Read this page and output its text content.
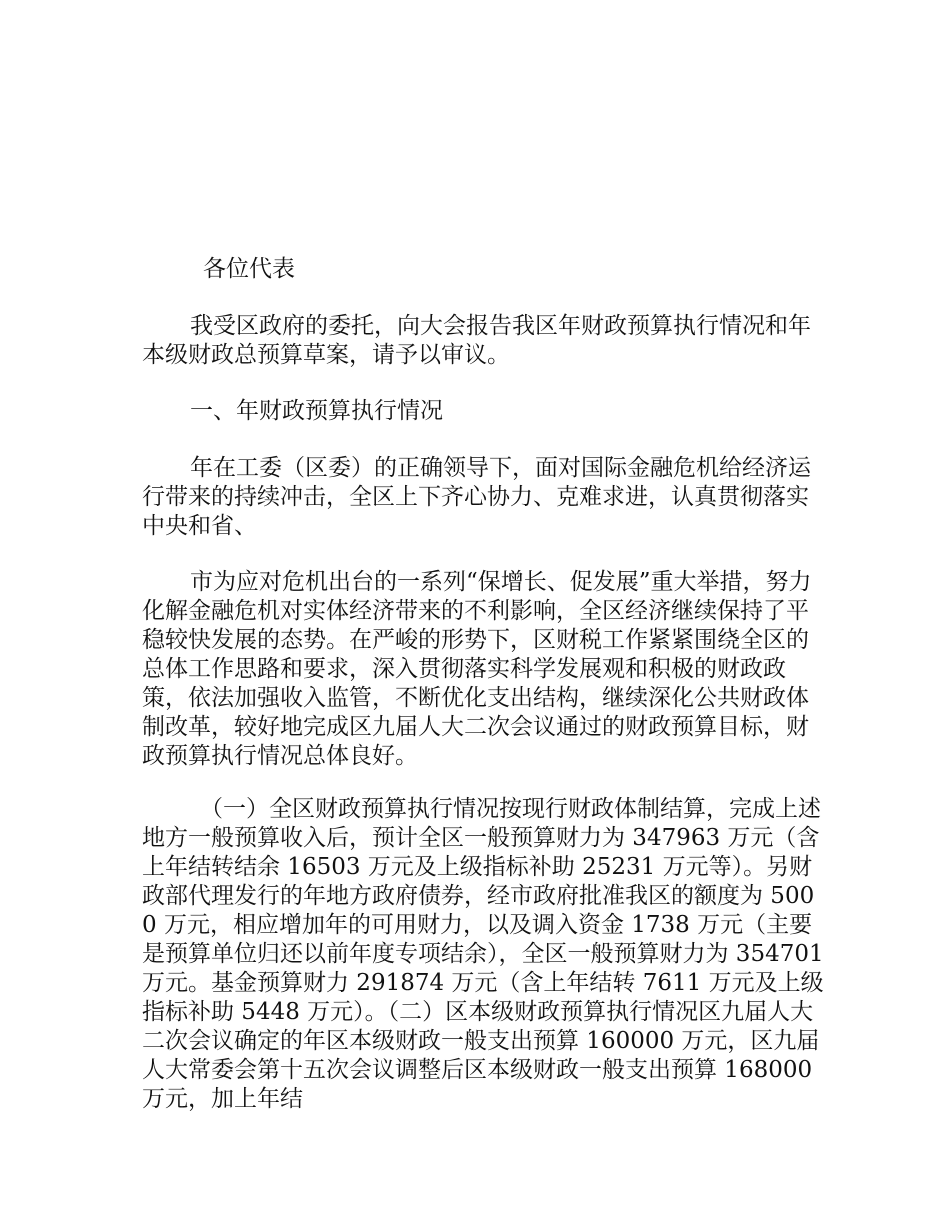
各位代表

我受区政府的委托，向大会报告我区年财政预算执行情况和年本级财政总预算草案，请予以审议。

一、年财政预算执行情况

年在工委（区委）的正确领导下，面对国际金融危机给经济运行带来的持续冲击，全区上下齐心协力、克难求进，认真贯彻落实中央和省、

市为应对危机出台的一系列“保增长、促发展”重大举措，努力化解金融危机对实体经济带来的不利影响，全区经济继续保持了平稳较快发展的态势。在严峻的形势下，区财税工作紧紧围绕全区的总体工作思路和要求，深入贯彻落实科学发展观和积极的财政政策，依法加强收入监管，不断优化支出结构，继续深化公共财政体制改革，较好地完成区九届人大二次会议通过的财政预算目标，财政预算执行情况总体良好。

（一）全区财政预算执行情况按现行财政体制结算，完成上述地方一般预算收入后，预计全区一般预算财力为 347963 万元（含上年结转结余 16503 万元及上级指标补助 25231 万元等）。另财政部代理发行的年地方政府债券，经市政府批准我区的额度为 5000 万元，相应增加年的可用财力，以及调入资金 1738 万元（主要是预算单位归还以前年度专项结余），全区一般预算财力为 354701 万元。基金预算财力 291874 万元（含上年结转 7611 万元及上级指标补助 5448 万元）。（二）区本级财政预算执行情况区九届人大二次会议确定的年区本级财政一般支出预算 160000 万元，区九届人大常委会第十五次会议调整后区本级财政一般支出预算 168000 万元，加上年结
